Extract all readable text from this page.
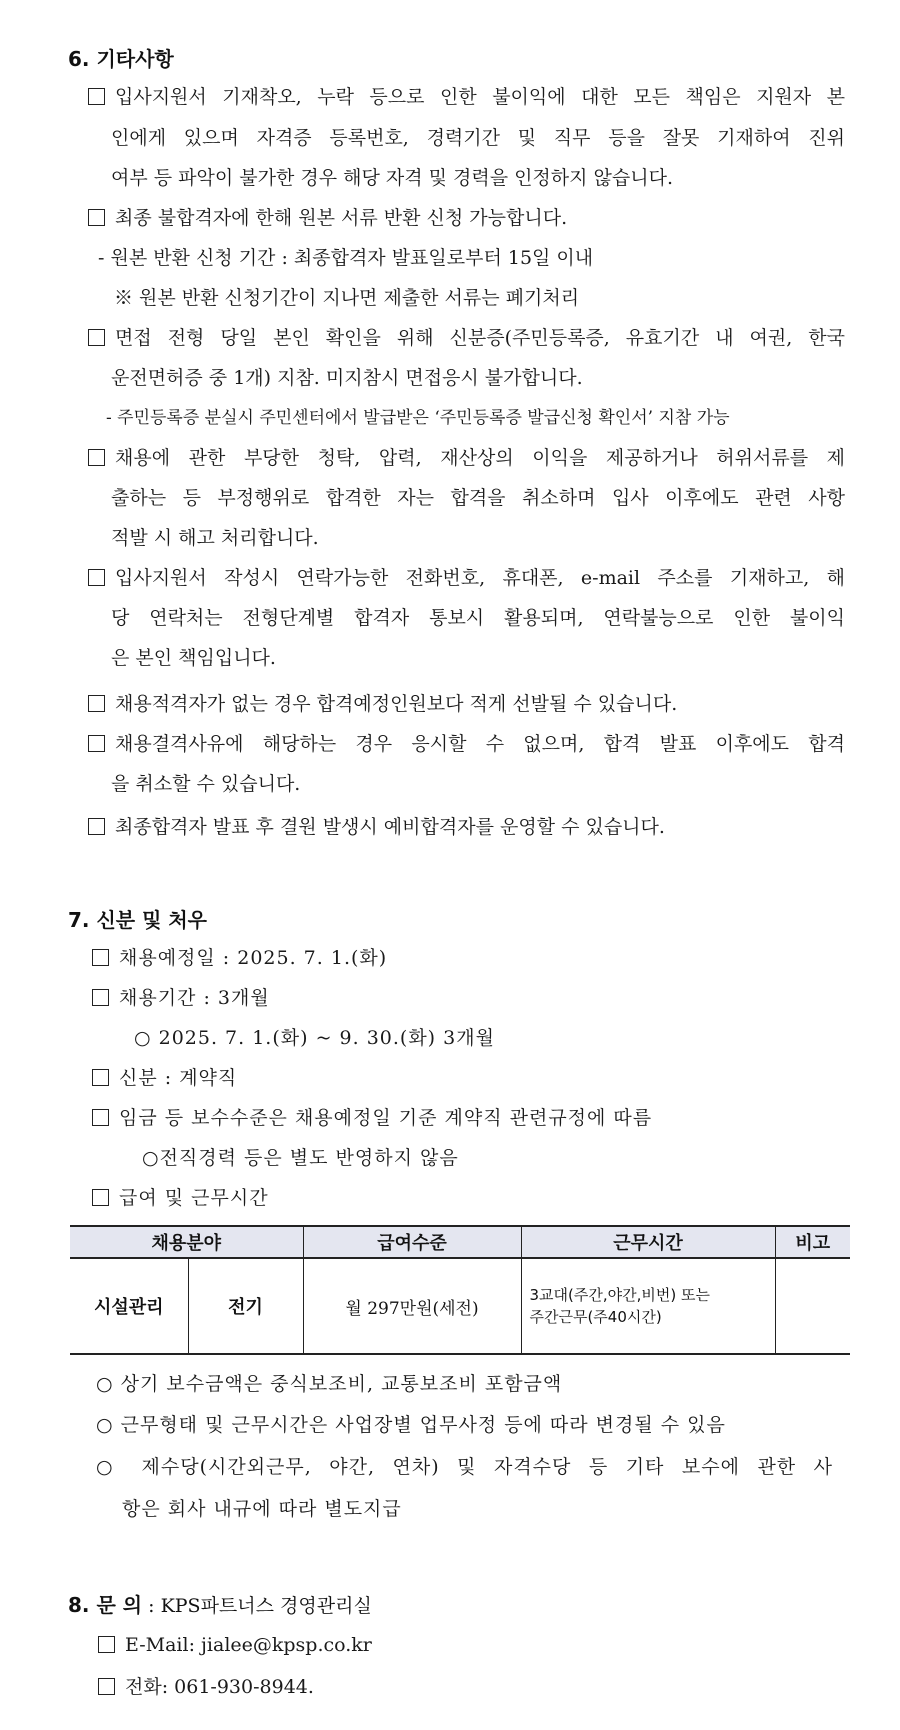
6. 기타사항
입사지원서 기재착오, 누락 등으로 인한 불이익에 대한 모든 책임은 지원자 본
인에게 있으며 자격증 등록번호, 경력기간 및 직무 등을 잘못 기재하여 진위
여부 등 파악이 불가한 경우 해당 자격 및 경력을 인정하지 않습니다.
최종 불합격자에 한해 원본 서류 반환 신청 가능합니다.
- 원본 반환 신청 기간 : 최종합격자 발표일로부터 15일 이내
※ 원본 반환 신청기간이 지나면 제출한 서류는 폐기처리
면접 전형 당일 본인 확인을 위해 신분증(주민등록증, 유효기간 내 여권, 한국
운전면허증 중 1개) 지참. 미지참시 면접응시 불가합니다.
- 주민등록증 분실시 주민센터에서 발급받은 ‘주민등록증 발급신청 확인서’ 지참 가능
채용에 관한 부당한 청탁, 압력, 재산상의 이익을 제공하거나 허위서류를 제
출하는 등 부정행위로 합격한 자는 합격을 취소하며 입사 이후에도 관련 사항
적발 시 해고 처리합니다.
입사지원서 작성시 연락가능한 전화번호, 휴대폰, e-mail 주소를 기재하고, 해
당 연락처는 전형단계별 합격자 통보시 활용되며, 연락불능으로 인한 불이익
은 본인 책임입니다.
채용적격자가 없는 경우 합격예정인원보다 적게 선발될 수 있습니다.
채용결격사유에 해당하는 경우 응시할 수 없으며, 합격 발표 이후에도 합격
을 취소할 수 있습니다.
최종합격자 발표 후 결원 발생시 예비합격자를 운영할 수 있습니다.
7. 신분 및 처우
채용예정일 : 2025. 7. 1.(화)
채용기간 : 3개월
○ 2025. 7. 1.(화) ~ 9. 30.(화) 3개월
신분 : 계약직
임금 등 보수수준은 채용예정일 기준 계약직 관련규정에 따름
○전직경력 등은 별도 반영하지 않음
급여 및 근무시간
채용분야		급여수준	근무시간	비고
시설관리	전기	월 297만원(세전)	3교대(주간,야간,비번) 또는
주간근무(주40시간)	

○ 상기 보수금액은 중식보조비, 교통보조비 포함금액
○ 근무형태 및 근무시간은 사업장별 업무사정 등에 따라 변경될 수 있음
○ 제수당(시간외근무, 야간, 연차) 및 자격수당 등 기타 보수에 관한 사
항은 회사 내규에 따라 별도지급
8. 문 의 : KPS파트너스 경영관리실
E-Mail: jialee@kpsp.co.kr
전화: 061-930-8944.
